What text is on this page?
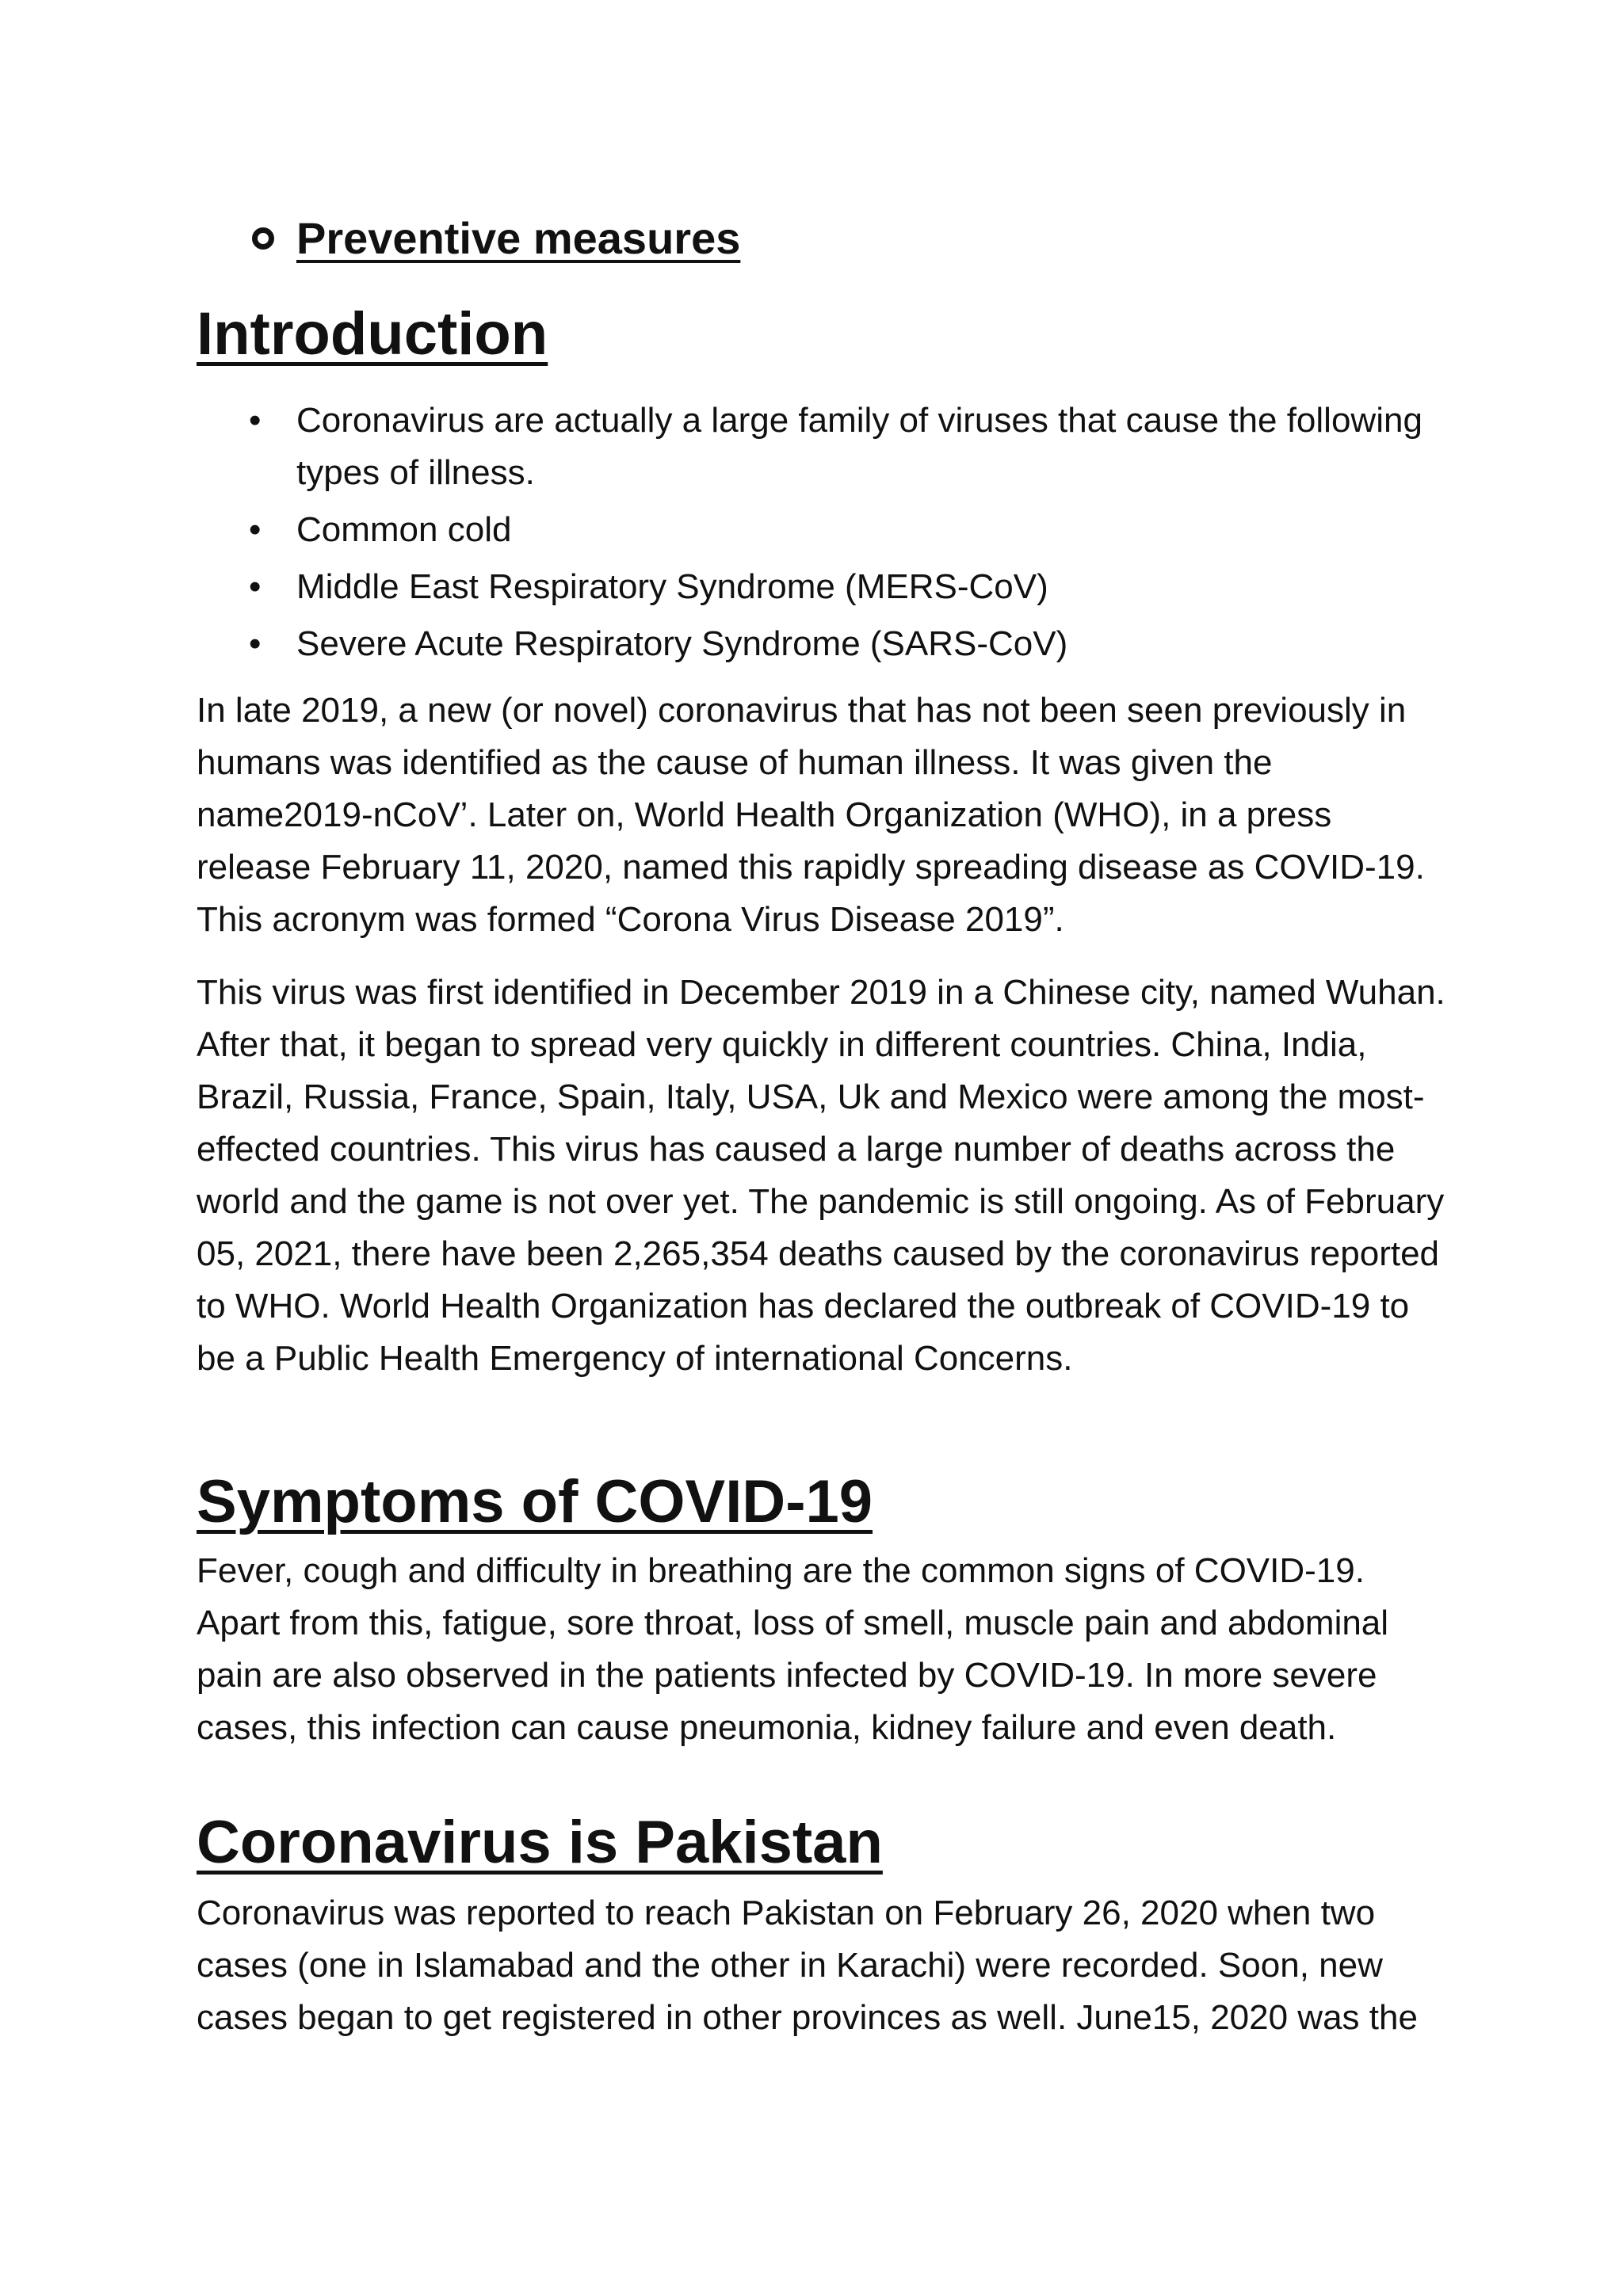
Preventive measures
Introduction
• Coronavirus are actually a large family of viruses that cause the following types of illness.
• Common cold
• Middle East Respiratory Syndrome (MERS-CoV)
• Severe Acute Respiratory Syndrome (SARS-CoV)

In late 2019, a new (or novel) coronavirus that has not been seen previously in humans was identified as the cause of human illness. It was given the name2019-nCoV’. Later on, World Health Organization (WHO), in a press release February 11, 2020, named this rapidly spreading disease as COVID-19. This acronym was formed “Corona Virus Disease 2019”.

This virus was first identified in December 2019 in a Chinese city, named Wuhan. After that, it began to spread very quickly in different countries. China, India, Brazil, Russia, France, Spain, Italy, USA, Uk and Mexico were among the most-effected countries. This virus has caused a large number of deaths across the world and the game is not over yet. The pandemic is still ongoing. As of February 05, 2021, there have been 2,265,354 deaths caused by the coronavirus reported to WHO. World Health Organization has declared the outbreak of COVID-19 to be a Public Health Emergency of international Concerns.

Symptoms of COVID-19

Fever, cough and difficulty in breathing are the common signs of COVID-19. Apart from this, fatigue, sore throat, loss of smell, muscle pain and abdominal pain are also observed in the patients infected by COVID-19. In more severe cases, this infection can cause pneumonia, kidney failure and even death.

Coronavirus is Pakistan

Coronavirus was reported to reach Pakistan on February 26, 2020 when two cases (one in Islamabad and the other in Karachi) were recorded. Soon, new cases began to get registered in other provinces as well. June15, 2020 was the
